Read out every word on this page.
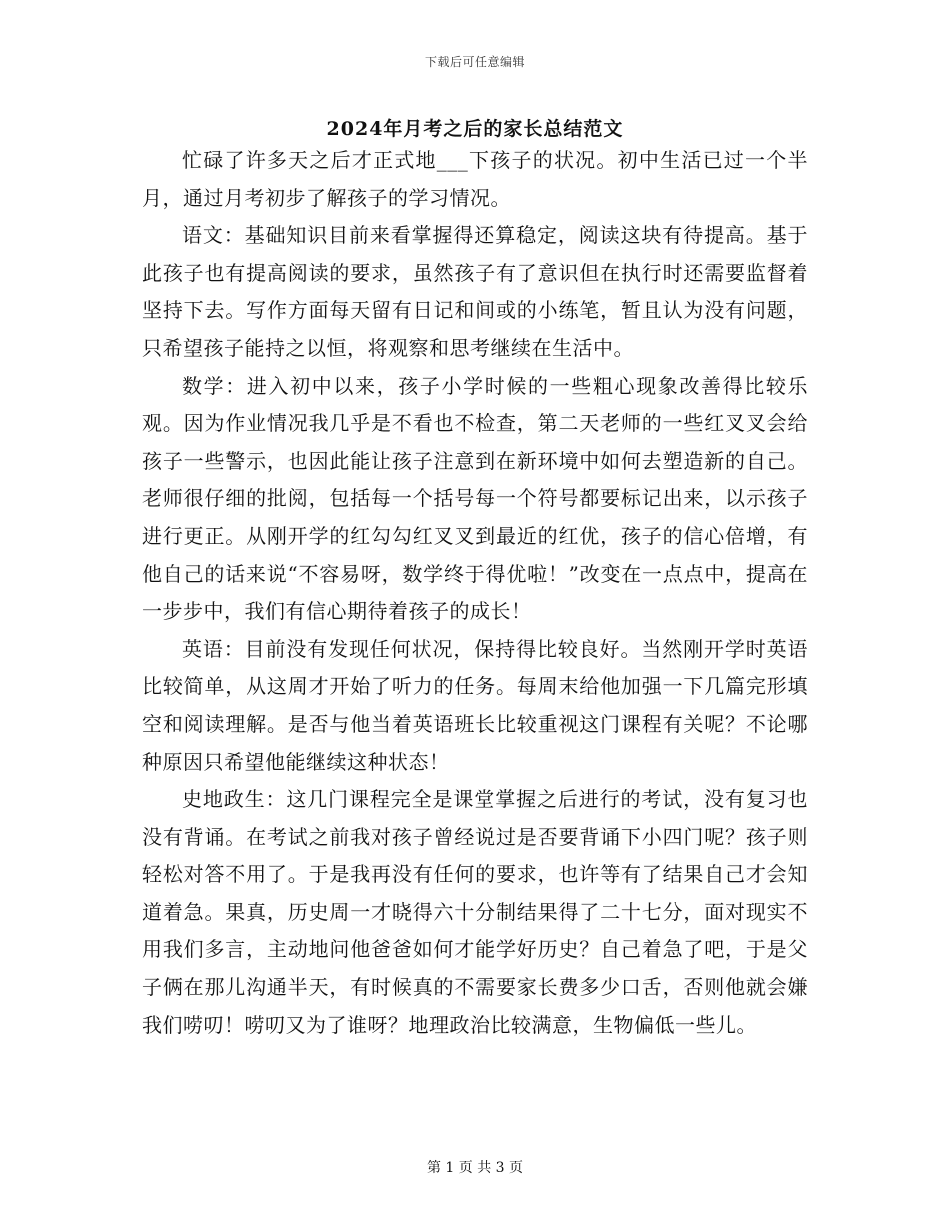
下载后可任意编辑
2024年月考之后的家长总结范文

忙碌了许多天之后才正式地___下孩子的状况。初中生活已过一个半月，通过月考初步了解孩子的学习情况。

语文：基础知识目前来看掌握得还算稳定，阅读这块有待提高。基于此孩子也有提高阅读的要求，虽然孩子有了意识但在执行时还需要监督着坚持下去。写作方面每天留有日记和间或的小练笔，暂且认为没有问题，只希望孩子能持之以恒，将观察和思考继续在生活中。

数学：进入初中以来，孩子小学时候的一些粗心现象改善得比较乐观。因为作业情况我几乎是不看也不检查，第二天老师的一些红叉叉会给孩子一些警示，也因此能让孩子注意到在新环境中如何去塑造新的自己。老师很仔细的批阅，包括每一个括号每一个符号都要标记出来，以示孩子进行更正。从刚开学的红勾勾红叉叉到最近的红优，孩子的信心倍增，有他自己的话来说“不容易呀，数学终于得优啦！”改变在一点点中，提高在一步步中，我们有信心期待着孩子的成长！

英语：目前没有发现任何状况，保持得比较良好。当然刚开学时英语比较简单，从这周才开始了听力的任务。每周末给他加强一下几篇完形填空和阅读理解。是否与他当着英语班长比较重视这门课程有关呢？不论哪种原因只希望他能继续这种状态！

史地政生：这几门课程完全是课堂掌握之后进行的考试，没有复习也没有背诵。在考试之前我对孩子曾经说过是否要背诵下小四门呢？孩子则轻松对答不用了。于是我再没有任何的要求，也许等有了结果自己才会知道着急。果真，历史周一才晓得六十分制结果得了二十七分，面对现实不用我们多言，主动地问他爸爸如何才能学好历史？自己着急了吧，于是父子俩在那儿沟通半天，有时候真的不需要家长费多少口舌，否则他就会嫌我们唠叨！唠叨又为了谁呀？地理政治比较满意，生物偏低一些儿。

第 1 页 共 3 页
